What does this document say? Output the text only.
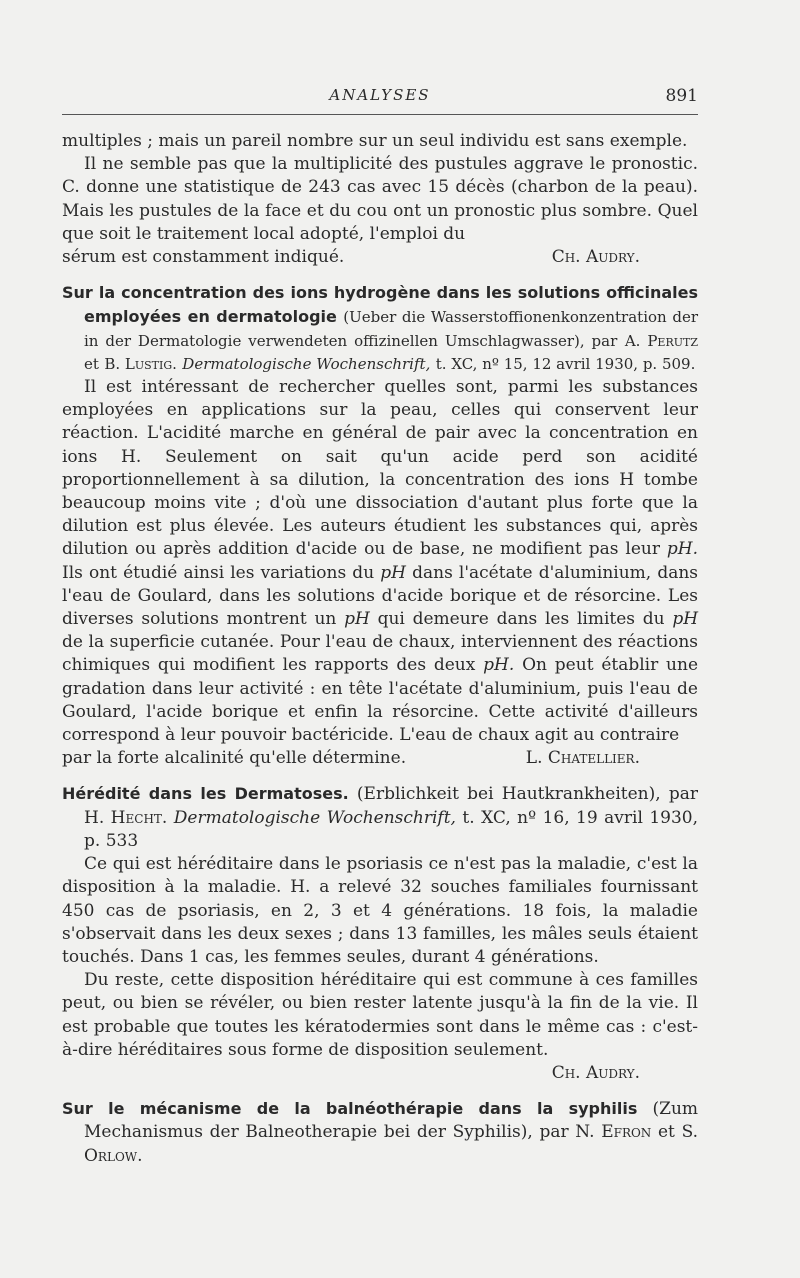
ANALYSES	891

multiples ; mais un pareil nombre sur un seul individu est sans exemple.

Il ne semble pas que la multiplicité des pustules aggrave le pronostic. C. donne une statistique de 243 cas avec 15 décès (charbon de la peau). Mais les pustules de la face et du cou ont un pronostic plus sombre. Quel que soit le traitement local adopté, l'emploi du

sérum est constamment indiqué.	Ch. Audry.

Sur la concentration des ions hydrogène dans les solutions officinales employées en dermatologie (Ueber die Wasserstoffionenkonzentration der in der Dermatologie verwendeten offizinellen Umschlagwasser), par A. Perutz et B. Lustig. Dermatologische Wochenschrift, t. XC, nº 15, 12 avril 1930, p. 509.

Il est intéressant de rechercher quelles sont, parmi les substances employées en applications sur la peau, celles qui conservent leur réaction. L'acidité marche en général de pair avec la concentration en ions H. Seulement on sait qu'un acide perd son acidité proportionnellement à sa dilution, la concentration des ions H tombe beaucoup moins vite ; d'où une dissociation d'autant plus forte que la dilution est plus élevée. Les auteurs étudient les substances qui, après dilution ou après addition d'acide ou de base, ne modifient pas leur pH. Ils ont étudié ainsi les variations du pH dans l'acétate d'aluminium, dans l'eau de Goulard, dans les solutions d'acide borique et de résorcine. Les diverses solutions montrent un pH qui demeure dans les limites du pH de la superficie cutanée. Pour l'eau de chaux, interviennent des réactions chimiques qui modifient les rapports des deux pH. On peut établir une gradation dans leur activité : en tête l'acétate d'aluminium, puis l'eau de Goulard, l'acide borique et enfin la résorcine. Cette activité d'ailleurs correspond à leur pouvoir bactéricide. L'eau de chaux agit au contraire

par la forte alcalinité qu'elle détermine.	L. Chatellier.

Hérédité dans les Dermatoses. (Erblichkeit bei Hautkrankheiten), par H. Hecht. Dermatologische Wochenschrift, t. XC, nº 16, 19 avril 1930, p. 533

Ce qui est héréditaire dans le psoriasis ce n'est pas la maladie, c'est la disposition à la maladie. H. a relevé 32 souches familiales fournissant 450 cas de psoriasis, en 2, 3 et 4 générations. 18 fois, la maladie s'observait dans les deux sexes ; dans 13 familles, les mâles seuls étaient touchés. Dans 1 cas, les femmes seules, durant 4 générations.

Du reste, cette disposition héréditaire qui est commune à ces familles peut, ou bien se révéler, ou bien rester latente jusqu'à la fin de la vie. Il est probable que toutes les kératodermies sont dans le même cas : c'est-à-dire héréditaires sous forme de disposition seulement.

Ch. Audry.

Sur le mécanisme de la balnéothérapie dans la syphilis (Zum Mechanismus der Balneotherapie bei der Syphilis), par N. Efron et S. Orlow.
